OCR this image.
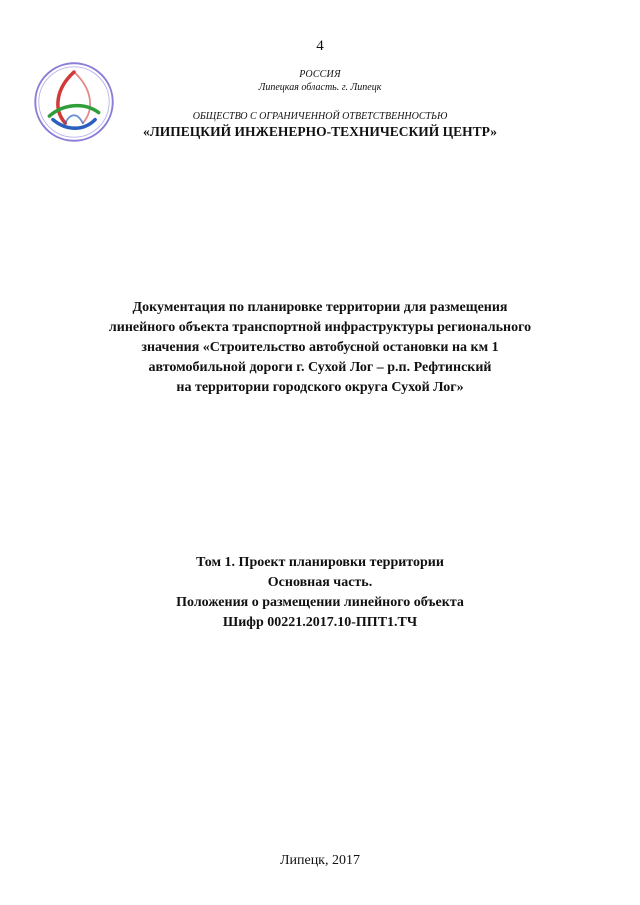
4
РОССИЯ
Липецкая область. г. Липецк
ОБЩЕСТВО С ОГРАНИЧЕННОЙ ОТВЕТСТВЕННОСТЬЮ
«ЛИПЕЦКИЙ ИНЖЕНЕРНО-ТЕХНИЧЕСКИЙ ЦЕНТР»
Документация по планировке территории для размещения
линейного объекта транспортной инфраструктуры регионального
значения «Строительство автобусной остановки на км 1
автомобильной дороги г. Сухой Лог – р.п. Рефтинский
на территории городского округа Сухой Лог»
Том 1. Проект планировки территории
Основная часть.
Положения о размещении линейного объекта
Шифр 00221.2017.10-ППТ1.ТЧ
Липецк, 2017
